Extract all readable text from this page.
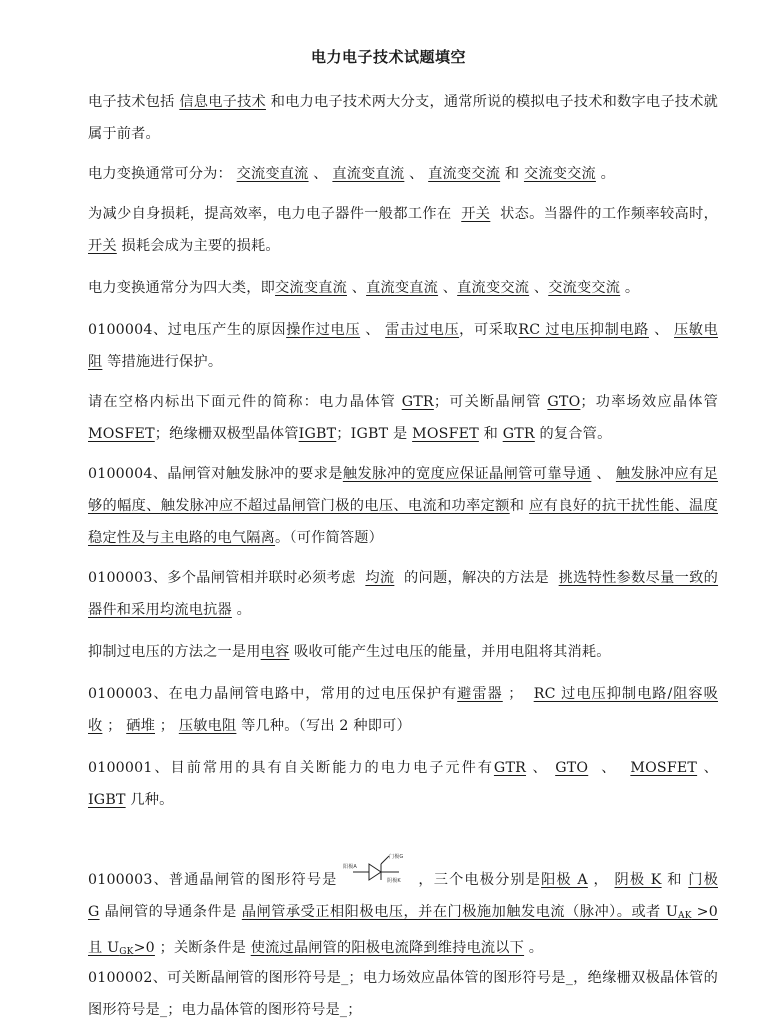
电力电子技术试题填空
电子技术包括 信息电子技术 和电力电子技术两大分支，通常所说的模拟电子技术和数字电子技术就属于前者。
电力变换通常可分为： 交流变直流 、 直流变直流 、 直流变交流 和 交流变交流 。
为减少自身损耗，提高效率，电力电子器件一般都工作在 开关 状态。当器件的工作频率较高时，开关 损耗会成为主要的损耗。
电力变换通常分为四大类，即交流变直流 、直流变直流 、直流变交流 、交流变交流 。
0100004、过电压产生的原因操作过电压 、 雷击过电压，可采取RC 过电压抑制电路 、 压敏电阻 等措施进行保护。
请在空格内标出下面元件的简称：电力晶体管 GTR；可关断晶闸管 GTO；功率场效应晶体管MOSFET；绝缘栅双极型晶体管IGBT；IGBT 是 MOSFET 和 GTR 的复合管。
0100004、晶闸管对触发脉冲的要求是触发脉冲的宽度应保证晶闸管可靠导通 、 触发脉冲应有足够的幅度、触发脉冲应不超过晶闸管门极的电压、电流和功率定额和 应有良好的抗干扰性能、温度稳定性及与主电路的电气隔离。（可作简答题）
0100003、多个晶闸管相并联时必须考虑 均流 的问题，解决的方法是 挑选特性参数尽量一致的器件和采用均流电抗器 。
抑制过电压的方法之一是用电容 吸收可能产生过电压的能量，并用电阻将其消耗。
0100003、在电力晶闸管电路中，常用的过电压保护有避雷器 ； RC 过电压抑制电路/阻容吸收 ； 硒堆 ； 压敏电阻 等几种。（写出 2 种即可）
0100001、目前常用的具有自关断能力的电力电子元件有GTR 、 GTO 、 MOSFET 、IGBT 几种。
0100003、普通晶闸管的图形符号是
阳极A
门极G
阴极K ，三个电极分别是阳极 A ， 阴极 K 和 门极 G 晶闸管的导通条件是 晶闸管承受正相阳极电压，并在门极施加触发电流（脉冲）。或者 $U_{AK} >0$ 且 $U_{GK}>0$ ；关断条件是 使流过晶闸管的阳极电流降到维持电流以下 。
0100002、可关断晶闸管的图形符号是_；电力场效应晶体管的图形符号是_，绝缘栅双极晶体管的图形符号是_；电力晶体管的图形符号是_；
